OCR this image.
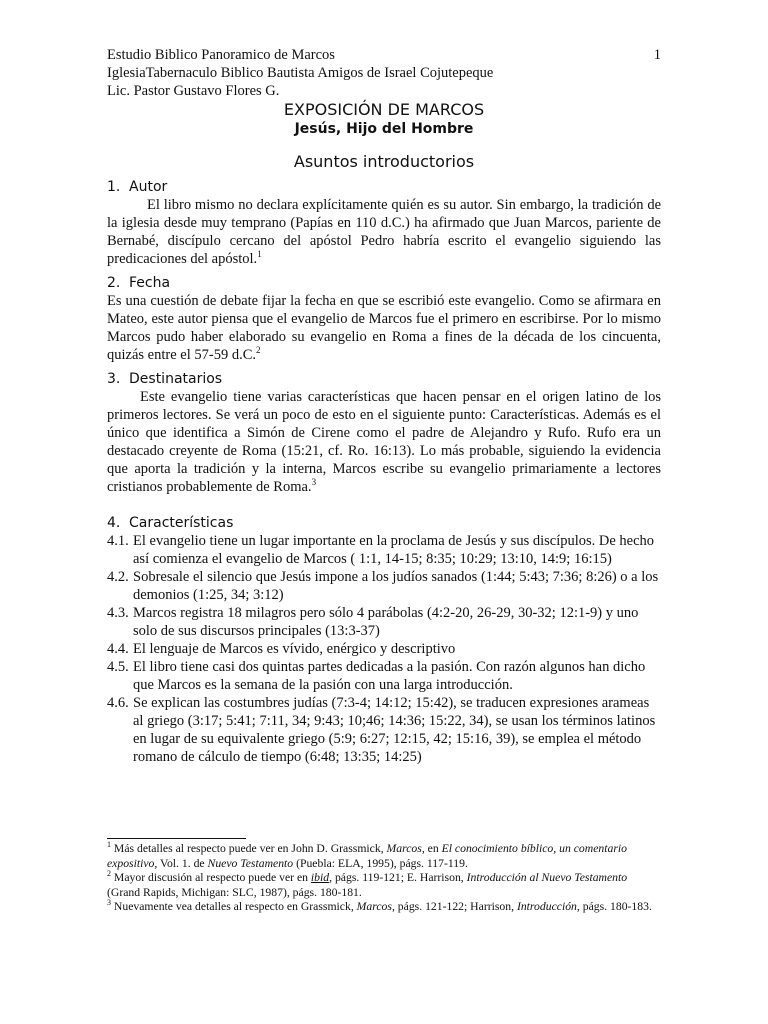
Estudio Biblico Panoramico de Marcos	1

IglesiaTabernaculo Biblico Bautista Amigos de Israel Cojutepeque

Lic. Pastor Gustavo Flores G.

EXPOSICIÓN DE MARCOS

Jesús, Hijo del Hombre

Asuntos introductorios

1. Autor

El libro mismo no declara explícitamente quién es su autor. Sin embargo, la tradición de la iglesia desde muy temprano (Papías en 110 d.C.) ha afirmado que Juan Marcos, pariente de Bernabé, discípulo cercano del apóstol Pedro habría escrito el evangelio siguiendo las predicaciones del apóstol.$^1$

2. Fecha

Es una cuestión de debate fijar la fecha en que se escribió este evangelio. Como se afirmara en Mateo, este autor piensa que el evangelio de Marcos fue el primero en escribirse. Por lo mismo Marcos pudo haber elaborado su evangelio en Roma a fines de la década de los cincuenta, quizás entre el 57-59 d.C.$^2$

3. Destinatarios

Este evangelio tiene varias características que hacen pensar en el origen latino de los primeros lectores. Se verá un poco de esto en el siguiente punto: Características. Además es el único que identifica a Simón de Cirene como el padre de Alejandro y Rufo. Rufo era un destacado creyente de Roma (15:21, cf. Ro. 16:13). Lo más probable, siguiendo la evidencia que aporta la tradición y la interna, Marcos escribe su evangelio primariamente a lectores cristianos probablemente de Roma.$^3$

4. Características

4.1. El evangelio tiene un lugar importante en la proclama de Jesús y sus discípulos. De hecho así comienza el evangelio de Marcos ( 1:1, 14-15; 8:35; 10:29; 13:10, 14:9; 16:15)
4.2. Sobresale el silencio que Jesús impone a los judíos sanados (1:44; 5:43; 7:36; 8:26) o a los demonios (1:25, 34; 3:12)
4.3. Marcos registra 18 milagros pero sólo 4 parábolas (4:2-20, 26-29, 30-32; 12:1-9) y uno solo de sus discursos principales (13:3-37)
4.4. El lenguaje de Marcos es vívido, enérgico y descriptivo
4.5. El libro tiene casi dos quintas partes dedicadas a la pasión. Con razón algunos han dicho que Marcos es la semana de la pasión con una larga introducción.
4.6. Se explican las costumbres judías (7:3-4; 14:12; 15:42), se traducen expresiones arameas al griego (3:17; 5:41; 7:11, 34; 9:43; 10;46; 14:36; 15:22, 34), se usan los términos latinos en lugar de su equivalente griego (5:9; 6:27; 12:15, 42; 15:16, 39), se emplea el método romano de cálculo de tiempo (6:48; 13:35; 14:25)

$^1$ Más detalles al respecto puede ver en John D. Grassmick, Marcos, en El conocimiento bíblico, un comentario expositivo, Vol. 1. de Nuevo Testamento (Puebla: ELA, 1995), págs. 117-119.

$^2$ Mayor discusión al respecto puede ver en ibid, págs. 119-121; E. Harrison, Introducción al Nuevo Testamento (Grand Rapids, Michigan: SLC, 1987), págs. 180-181.

$^3$ Nuevamente vea detalles al respecto en Grassmick, Marcos, págs. 121-122; Harrison, Introducción, págs. 180-183.
